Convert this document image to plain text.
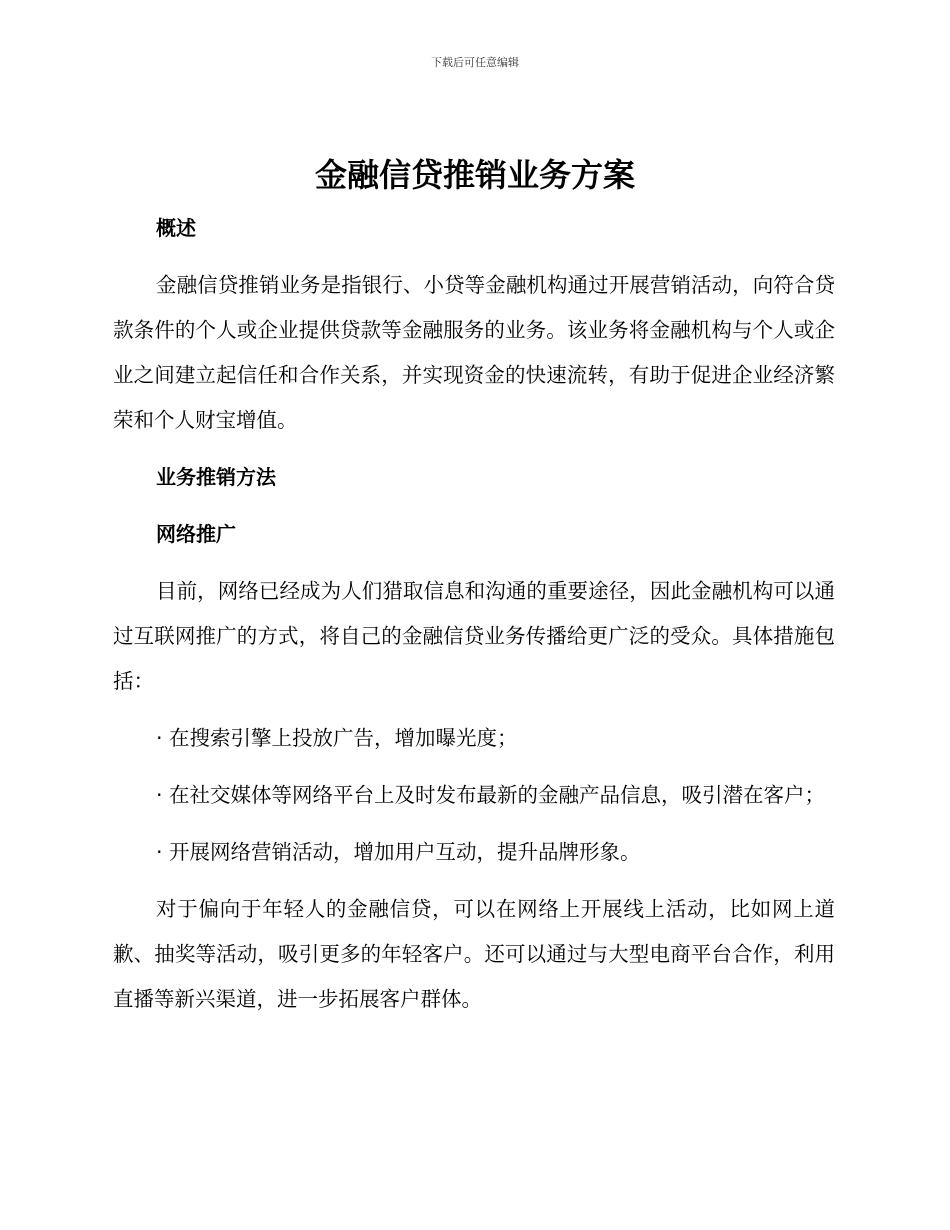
下载后可任意编辑
金融信贷推销业务方案

概述

金融信贷推销业务是指银行、小贷等金融机构通过开展营销活动，向符合贷款条件的个人或企业提供贷款等金融服务的业务。该业务将金融机构与个人或企业之间建立起信任和合作关系，并实现资金的快速流转，有助于促进企业经济繁荣和个人财宝增值。

业务推销方法

网络推广

目前，网络已经成为人们猎取信息和沟通的重要途径，因此金融机构可以通过互联网推广的方式，将自己的金融信贷业务传播给更广泛的受众。具体措施包括：

· 在搜索引擎上投放广告，增加曝光度；

· 在社交媒体等网络平台上及时发布最新的金融产品信息，吸引潜在客户；

· 开展网络营销活动，增加用户互动，提升品牌形象。

对于偏向于年轻人的金融信贷，可以在网络上开展线上活动，比如网上道歉、抽奖等活动，吸引更多的年轻客户。还可以通过与大型电商平台合作，利用直播等新兴渠道，进一步拓展客户群体。
